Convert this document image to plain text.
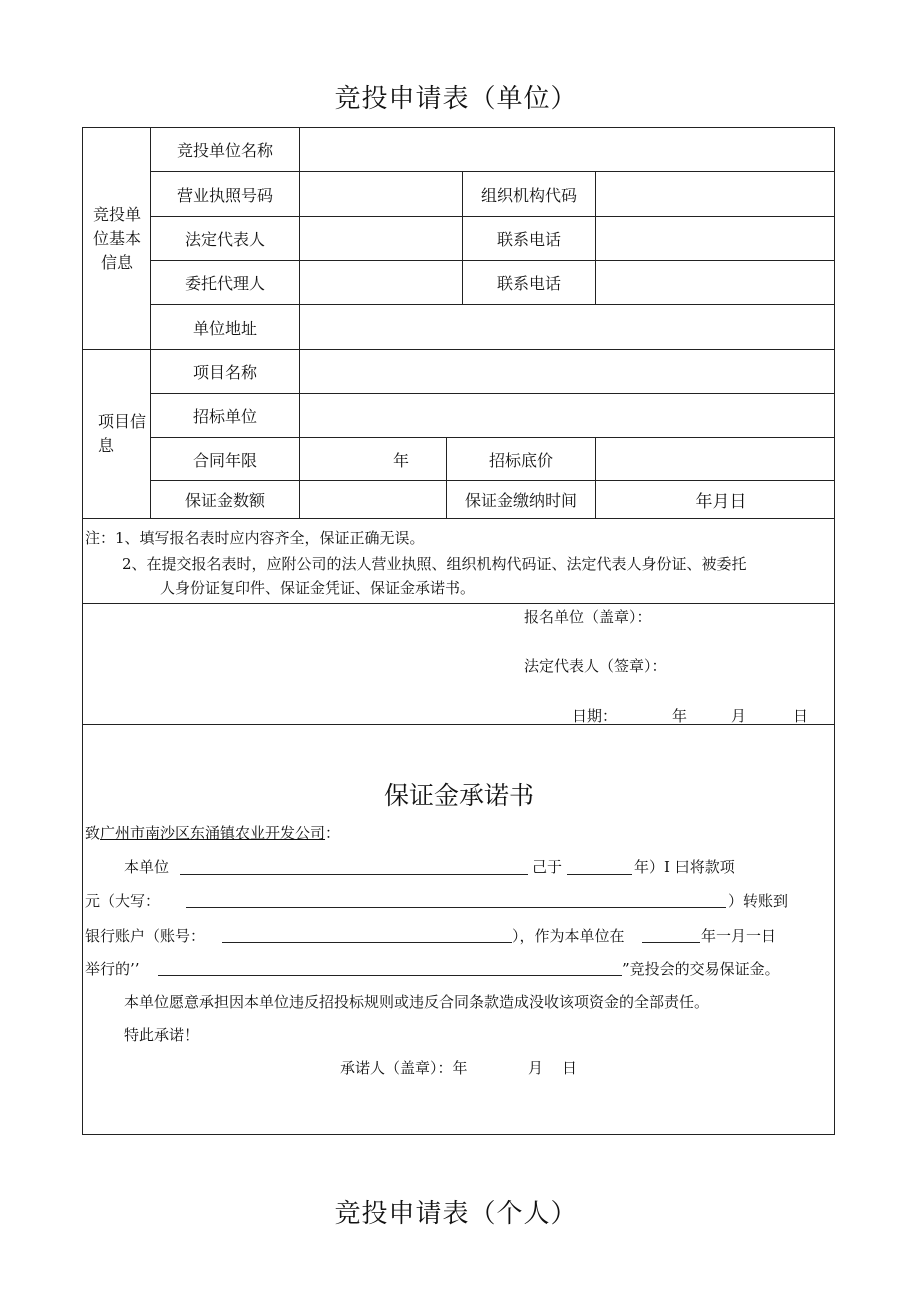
竞投申请表（单位）
竞投单
位基本
信息
竞投单位名称
营业执照号码	组织机构代码
法定代表人	联系电话
委托代理人	联系电话
单位地址
项目信
息
项目名称
招标单位
合同年限	年	招标底价
保证金数额	保证金缴纳时间	年月日
注：1、填写报名表时应内容齐全，保证正确无误。
2、在提交报名表时，应附公司的法人营业执照、组织机构代码证、法定代表人身份证、被委托
人身份证复印件、保证金凭证、保证金承诺书。
报名单位（盖章）：
法定代表人（签章）：
日期：	年	月	日
保证金承诺书
致广州市南沙区东涌镇农业开发公司：
本单位	己于	年）I 曰将款项
元（大写：	）转账到
银行账户（账号：	），作为本单位在	年一月一日
举行的’’	”竞投会的交易保证金。
本单位愿意承担因本单位违反招投标规则或违反合同条款造成没收该项资金的全部责任。
特此承诺！
承诺人（盖章）：年	月 日
竞投申请表（个人）
